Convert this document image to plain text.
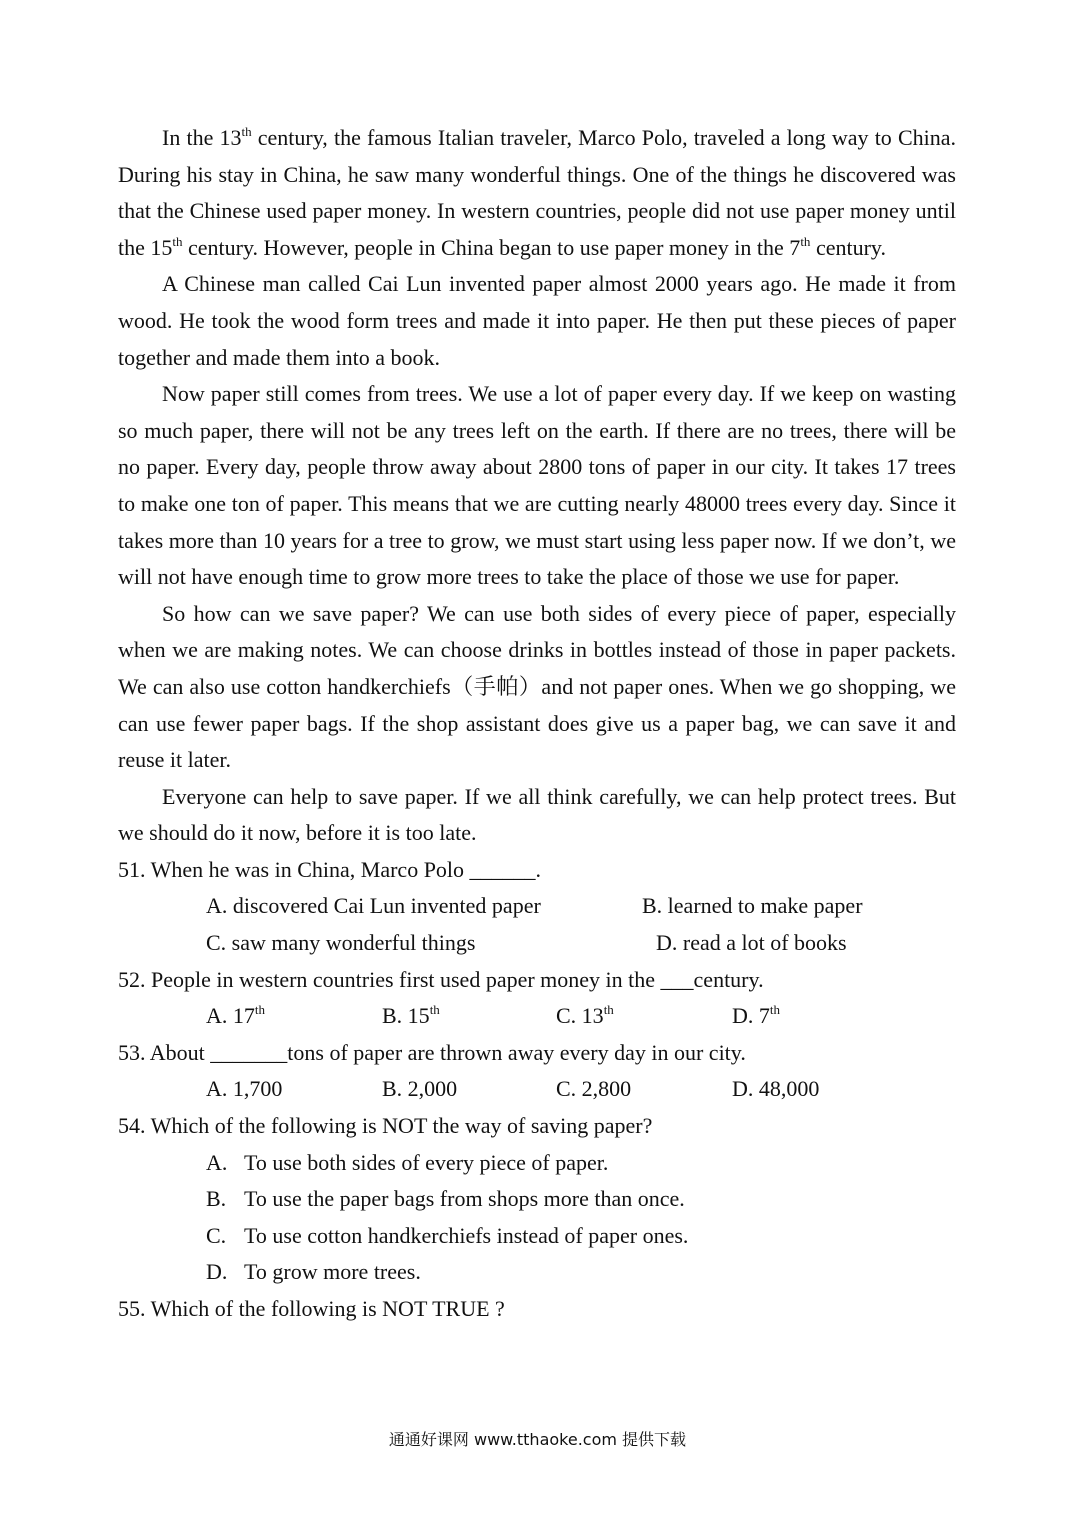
In the 13th century, the famous Italian traveler, Marco Polo, traveled a long way to China. During his stay in China, he saw many wonderful things. One of the things he discovered was that the Chinese used paper money. In western countries, people did not use paper money until the 15th century. However, people in China began to use paper money in the 7th century.

A Chinese man called Cai Lun invented paper almost 2000 years ago. He made it from wood. He took the wood form trees and made it into paper. He then put these pieces of paper together and made them into a book.

Now paper still comes from trees. We use a lot of paper every day. If we keep on wasting so much paper, there will not be any trees left on the earth. If there are no trees, there will be no paper. Every day, people throw away about 2800 tons of paper in our city. It takes 17 trees to make one ton of paper. This means that we are cutting nearly 48000 trees every day. Since it takes more than 10 years for a tree to grow, we must start using less paper now. If we don’t, we will not have enough time to grow more trees to take the place of those we use for paper.

So how can we save paper? We can use both sides of every piece of paper, especially when we are making notes. We can choose drinks in bottles instead of those in paper packets. We can also use cotton handkerchiefs（手帕）and not paper ones. When we go shopping, we can use fewer paper bags. If the shop assistant does give us a paper bag, we can save it and reuse it later.

Everyone can help to save paper. If we all think carefully, we can help protect trees. But we should do it now, before it is too late.

51. When he was in China, Marco Polo ______.

A. discovered Cai Lun invented paper	B. learned to make paper
C. saw many wonderful things	D. read a lot of books

52. People in western countries first used paper money in the ___century.

A. 17th	B. 15th	C. 13th	D. 7th

53. About _______tons of paper are thrown away every day in our city.

A. 1,700	B. 2,000	C. 2,800	D. 48,000

54. Which of the following is NOT the way of saving paper?

A. To use both sides of every piece of paper.

B. To use the paper bags from shops more than once.

C. To use cotton handkerchiefs instead of paper ones.

D. To grow more trees.

55. Which of the following is NOT TRUE ?

通通好课网 www.tthaoke.com 提供下载
